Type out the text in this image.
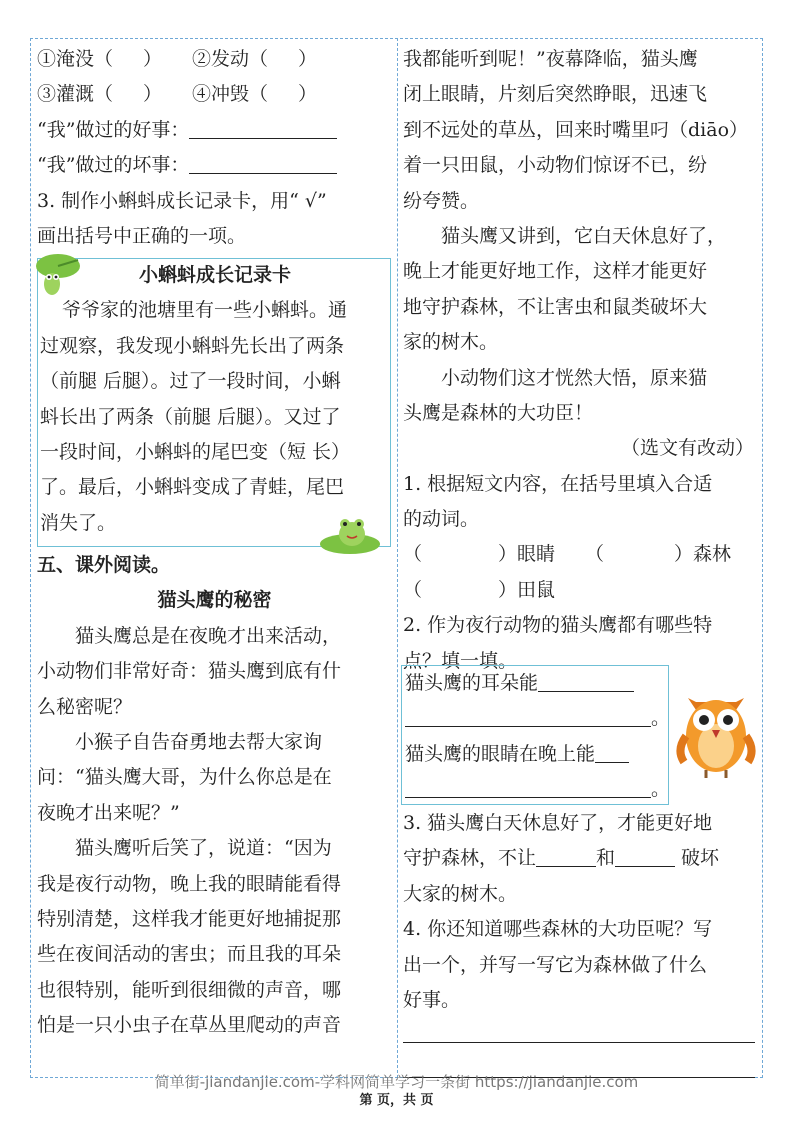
①淹没（ ） ②发动（ ）
③灌溉（ ） ④冲毁（ ）
“我”做过的好事：
“我”做过的坏事：
3. 制作小蝌蚪成长记录卡，用“ √”
画出括号中正确的一项。
小蝌蚪成长记录卡
爷爷家的池塘里有一些小蝌蚪。通
过观察，我发现小蝌蚪先长出了两条
（前腿 后腿）。过了一段时间，小蝌
蚪长出了两条（前腿 后腿）。又过了
一段时间，小蝌蚪的尾巴变（短 长）
了。最后，小蝌蚪变成了青蛙，尾巴
消失了。
五、课外阅读。
猫头鹰的秘密
猫头鹰总是在夜晚才出来活动，
小动物们非常好奇：猫头鹰到底有什
么秘密呢？
小猴子自告奋勇地去帮大家询
问：“猫头鹰大哥，为什么你总是在
夜晚才出来呢？”
猫头鹰听后笑了，说道：“因为
我是夜行动物，晚上我的眼睛能看得
特别清楚，这样我才能更好地捕捉那
些在夜间活动的害虫；而且我的耳朵
也很特别，能听到很细微的声音，哪
怕是一只小虫子在草丛里爬动的声音
我都能听到呢！”夜幕降临，猫头鹰
闭上眼睛，片刻后突然睁眼，迅速飞
到不远处的草丛，回来时嘴里叼（diāo）
着一只田鼠，小动物们惊讶不已，纷
纷夸赞。
猫头鹰又讲到，它白天休息好了，
晚上才能更好地工作，这样才能更好
地守护森林，不让害虫和鼠类破坏大
家的树木。
小动物们这才恍然大悟，原来猫
头鹰是森林的大功臣！
（选文有改动）
1. 根据短文内容，在括号里填入合适
的动词。
（	）眼睛 （	）森林
（	）田鼠
2. 作为夜行动物的猫头鹰都有哪些特
点？填一填。
猫头鹰的耳朵能
。
猫头鹰的眼睛在晚上能
。
3. 猫头鹰白天休息好了，才能更好地
守护森林，不让	和	破坏
大家的树木。
4. 你还知道哪些森林的大功臣呢？写
出一个，并写一写它为森林做了什么
好事。
简单街-jiandanjie.com-学科网简单学习一条街 https://jiandanjie.com
第 页，共 页
